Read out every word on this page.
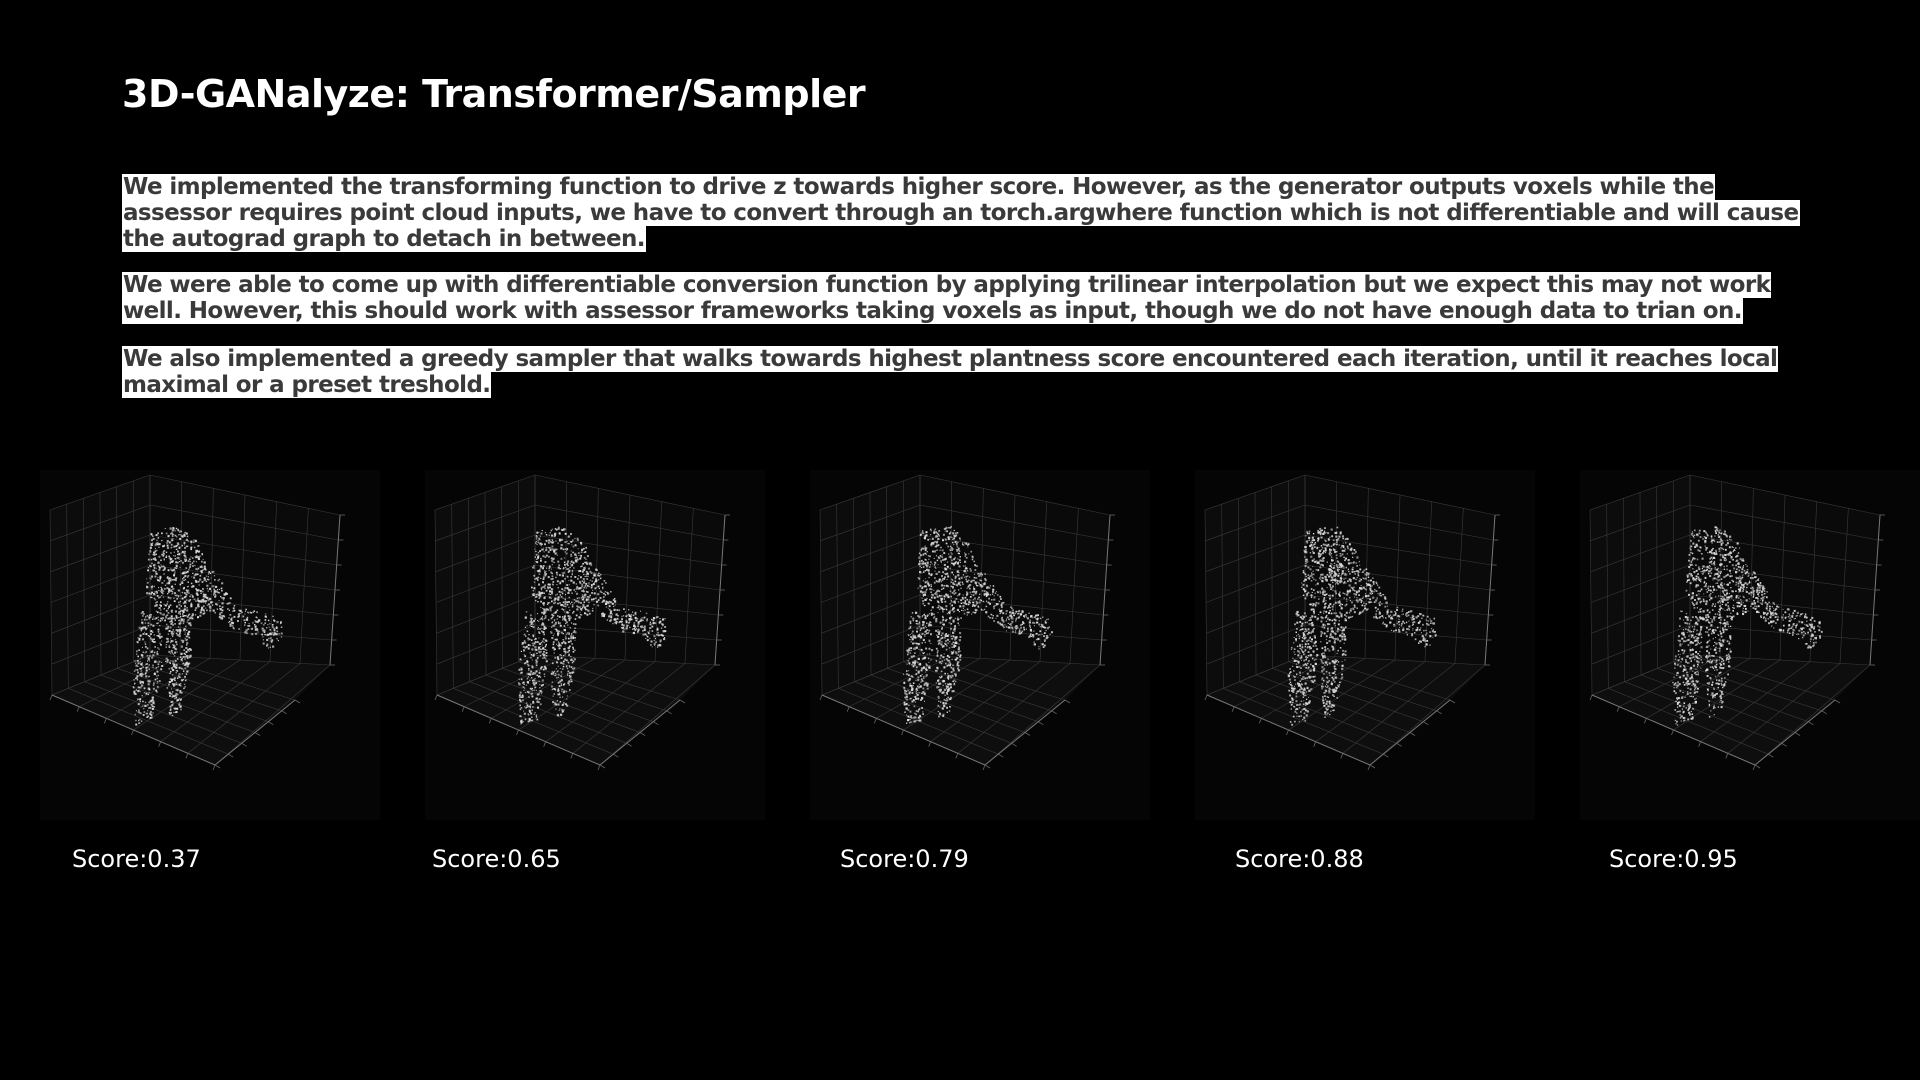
3D-GANalyze: Transformer/Sampler

We implemented the transforming function to drive z towards higher score. However, as the generator outputs voxels while the assessor requires point cloud inputs, we have to convert through an torch.argwhere function which is not differentiable and will cause the autograd graph to detach in between.

We were able to come up with differentiable conversion function by applying trilinear interpolation but we expect this may not work well. However, this should work with assessor frameworks taking voxels as input, though we do not have enough data to trian on.

We also implemented a greedy sampler that walks towards highest plantness score encountered each iteration, until it reaches local maximal or a preset treshold.

Score:0.37	Score:0.65	Score:0.79	Score:0.88	Score:0.95
